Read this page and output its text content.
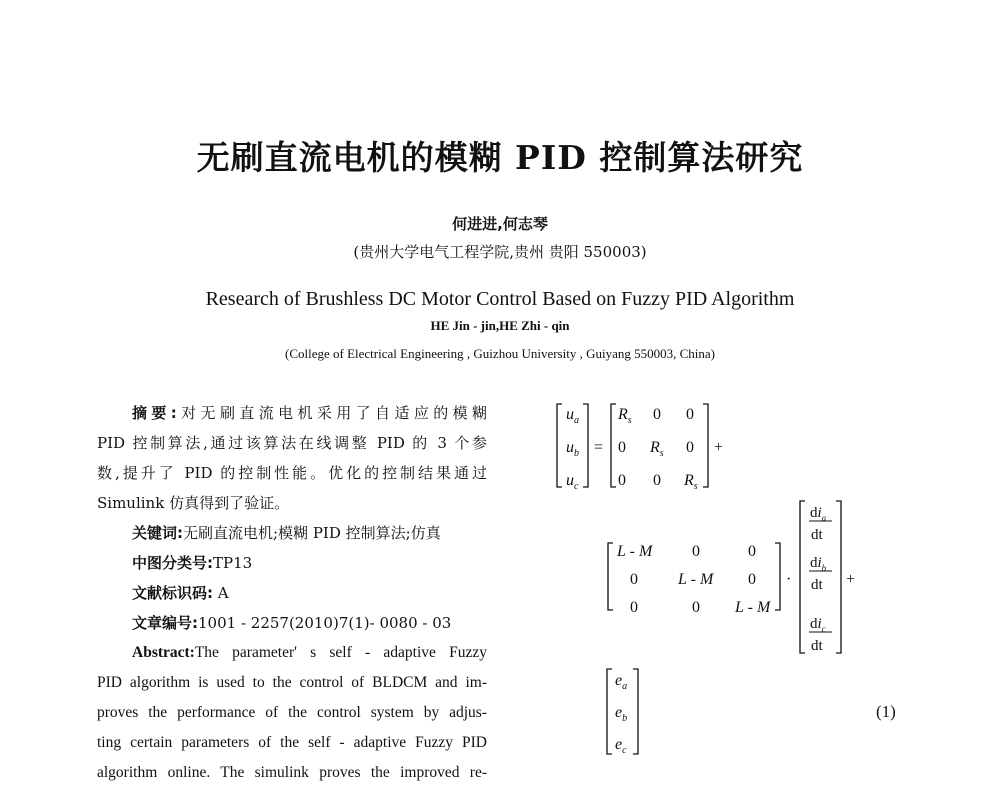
无刷直流电机的模糊 PID 控制算法研究
何进进,何志琴
(贵州大学电气工程学院,贵州 贵阳 550003)
Research of Brushless DC Motor Control Based on Fuzzy PID Algorithm
HE Jin - jin,HE Zhi - qin
(College of Electrical Engineering , Guizhou University , Guiyang 550003, China)

摘要:对无刷直流电机采用了自适应的模糊

PID 控制算法,通过该算法在线调整 PID 的 3 个参

数,提升了 PID 的控制性能。优化的控制结果通过

Simulink 仿真得到了验证。

关键词:无刷直流电机;模糊 PID 控制算法;仿真

中图分类号:TP13

文献标识码: A

文章编号:1001 - 2257(2010)7(1)- 0080 - 03

Abstract:The parameter' s self - adaptive Fuzzy

PID algorithm is used to the control of BLDCM and im-

proves the performance of the control system by adjus-

ting certain parameters of the self - adaptive Fuzzy PID

algorithm online. The simulink proves the improved re-

$u_a$
$u_b$
$u_c$
=
$R_s$ 0 0
0 $R_s$ 0
0 0 $R_s$
+
L - M 0	0
0	L - M 0
0	0 L - M
·
$di_a$
dt
$di_b$
dt
$di_c$
dt
+
$e_a$
$e_b$
$e_c$
(1)
